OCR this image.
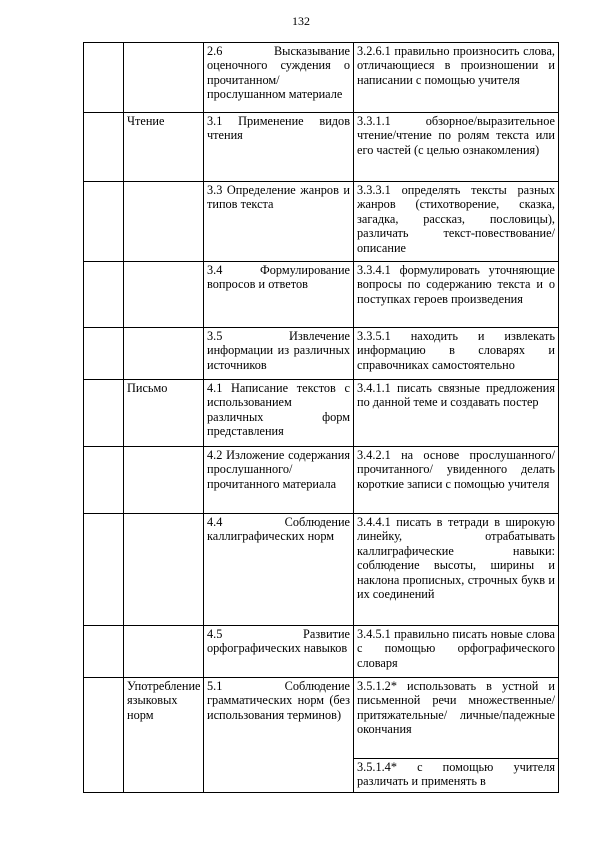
132
		2.6 Высказывание оценочного суждения о прочитанном/прослушанном материале	3.2.6.1 правильно произносить слова, отличающиеся в произношении и написании с помощью учителя
	Чтение	3.1 Применение видов чтения	3.3.1.1 обзорное/выразительное чтение/чтение по ролям текста или его частей (с целью ознакомления)
		3.3 Определение жанров и типов текста	3.3.3.1 определять тексты разных жанров (стихотворение, сказка, загадка, рассказ, пословицы), различать текст-повествование/описание
		3.4 Формулирование вопросов и ответов	3.3.4.1 формулировать уточняющие вопросы по содержанию текста и о поступках героев произведения
		3.5 Извлечение информации из различных источников	3.3.5.1 находить и извлекать информацию в словарях и справочниках самостоятельно
	Письмо	4.1 Написание текстов с использованием различных форм представления	3.4.1.1 писать связные предложения по данной теме и создавать постер
		4.2 Изложение содержания прослушанного/прочитанного материала	3.4.2.1 на основе прослушанного/ прочитанного/ увиденного делать короткие записи с помощью учителя
		4.4 Соблюдение каллиграфических норм	3.4.4.1 писать в тетради в широкую линейку, отрабатывать каллиграфические навыки: соблюдение высоты, ширины и наклона прописных, строчных букв и их соединений
		4.5 Развитие орфографических навыков	3.4.5.1 правильно писать новые слова с помощью орфографического словаря
	Употребление языковых норм	5.1 Соблюдение грамматических норм (без использования терминов)	3.5.1.2* использовать в устной и письменной речи множественные/ притяжательные/ личные/падежные окончания
			3.5.1.4* с помощью учителя различать и применять в
